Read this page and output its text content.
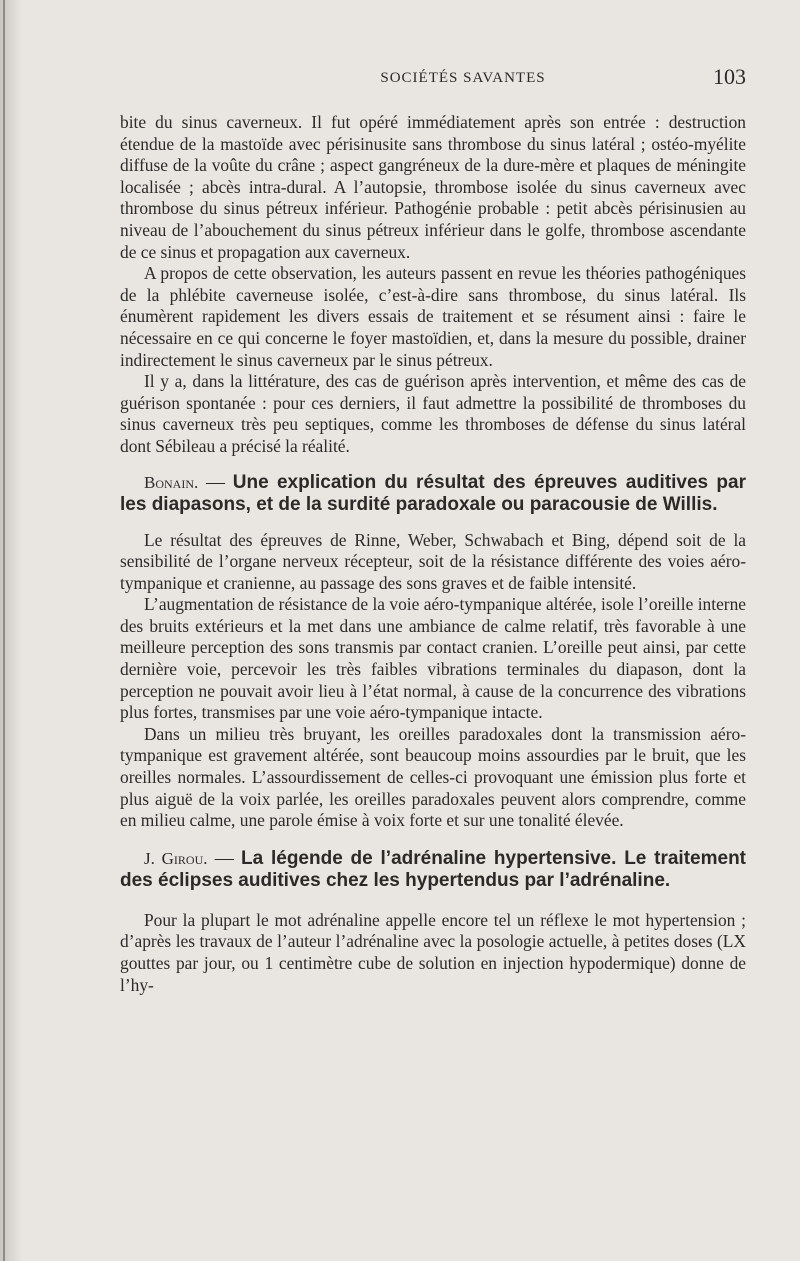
SOCIÉTÉS SAVANTES	103

bite du sinus caverneux. Il fut opéré immédiatement après son entrée : destruction étendue de la mastoïde avec périsinusite sans thrombose du sinus latéral ; ostéo-myélite diffuse de la voûte du crâne ; aspect gangréneux de la dure-mère et plaques de méningite localisée ; abcès intra-dural. A l’autopsie, thrombose isolée du sinus caverneux avec thrombose du sinus pétreux inférieur. Pathogénie probable : petit abcès périsinusien au niveau de l’abouchement du sinus pétreux inférieur dans le golfe, thrombose ascendante de ce sinus et propagation aux caverneux.

A propos de cette observation, les auteurs passent en revue les théories pathogéniques de la phlébite caverneuse isolée, c’est-à-dire sans thrombose, du sinus latéral. Ils énumèrent rapidement les divers essais de traitement et se résument ainsi : faire le nécessaire en ce qui concerne le foyer mastoïdien, et, dans la mesure du possible, drainer indirectement le sinus caverneux par le sinus pétreux.

Il y a, dans la littérature, des cas de guérison après intervention, et même des cas de guérison spontanée : pour ces derniers, il faut admettre la possibilité de thromboses du sinus caverneux très peu septiques, comme les thromboses de défense du sinus latéral dont Sébileau a précisé la réalité.

Bonain. — Une explication du résultat des épreuves auditives par les diapasons, et de la surdité paradoxale ou paracousie de Willis.

Le résultat des épreuves de Rinne, Weber, Schwabach et Bing, dépend soit de la sensibilité de l’organe nerveux récepteur, soit de la résistance différente des voies aéro-tympanique et cranienne, au passage des sons graves et de faible intensité.

L’augmentation de résistance de la voie aéro-tympanique altérée, isole l’oreille interne des bruits extérieurs et la met dans une ambiance de calme relatif, très favorable à une meilleure perception des sons transmis par contact cranien. L’oreille peut ainsi, par cette dernière voie, percevoir les très faibles vibrations terminales du diapason, dont la perception ne pouvait avoir lieu à l’état normal, à cause de la concurrence des vibrations plus fortes, transmises par une voie aéro-tympanique intacte.

Dans un milieu très bruyant, les oreilles paradoxales dont la transmission aéro-tympanique est gravement altérée, sont beaucoup moins assourdies par le bruit, que les oreilles normales. L’assourdissement de celles-ci provoquant une émission plus forte et plus aiguë de la voix parlée, les oreilles paradoxales peuvent alors comprendre, comme en milieu calme, une parole émise à voix forte et sur une tonalité élevée.

J. Girou. — La légende de l’adrénaline hypertensive. Le traitement des éclipses auditives chez les hypertendus par l’adrénaline.

Pour la plupart le mot adrénaline appelle encore tel un réflexe le mot hypertension ; d’après les travaux de l’auteur l’adrénaline avec la posologie actuelle, à petites doses (LX gouttes par jour, ou 1 centimètre cube de solution en injection hypodermique) donne de l’hy-
